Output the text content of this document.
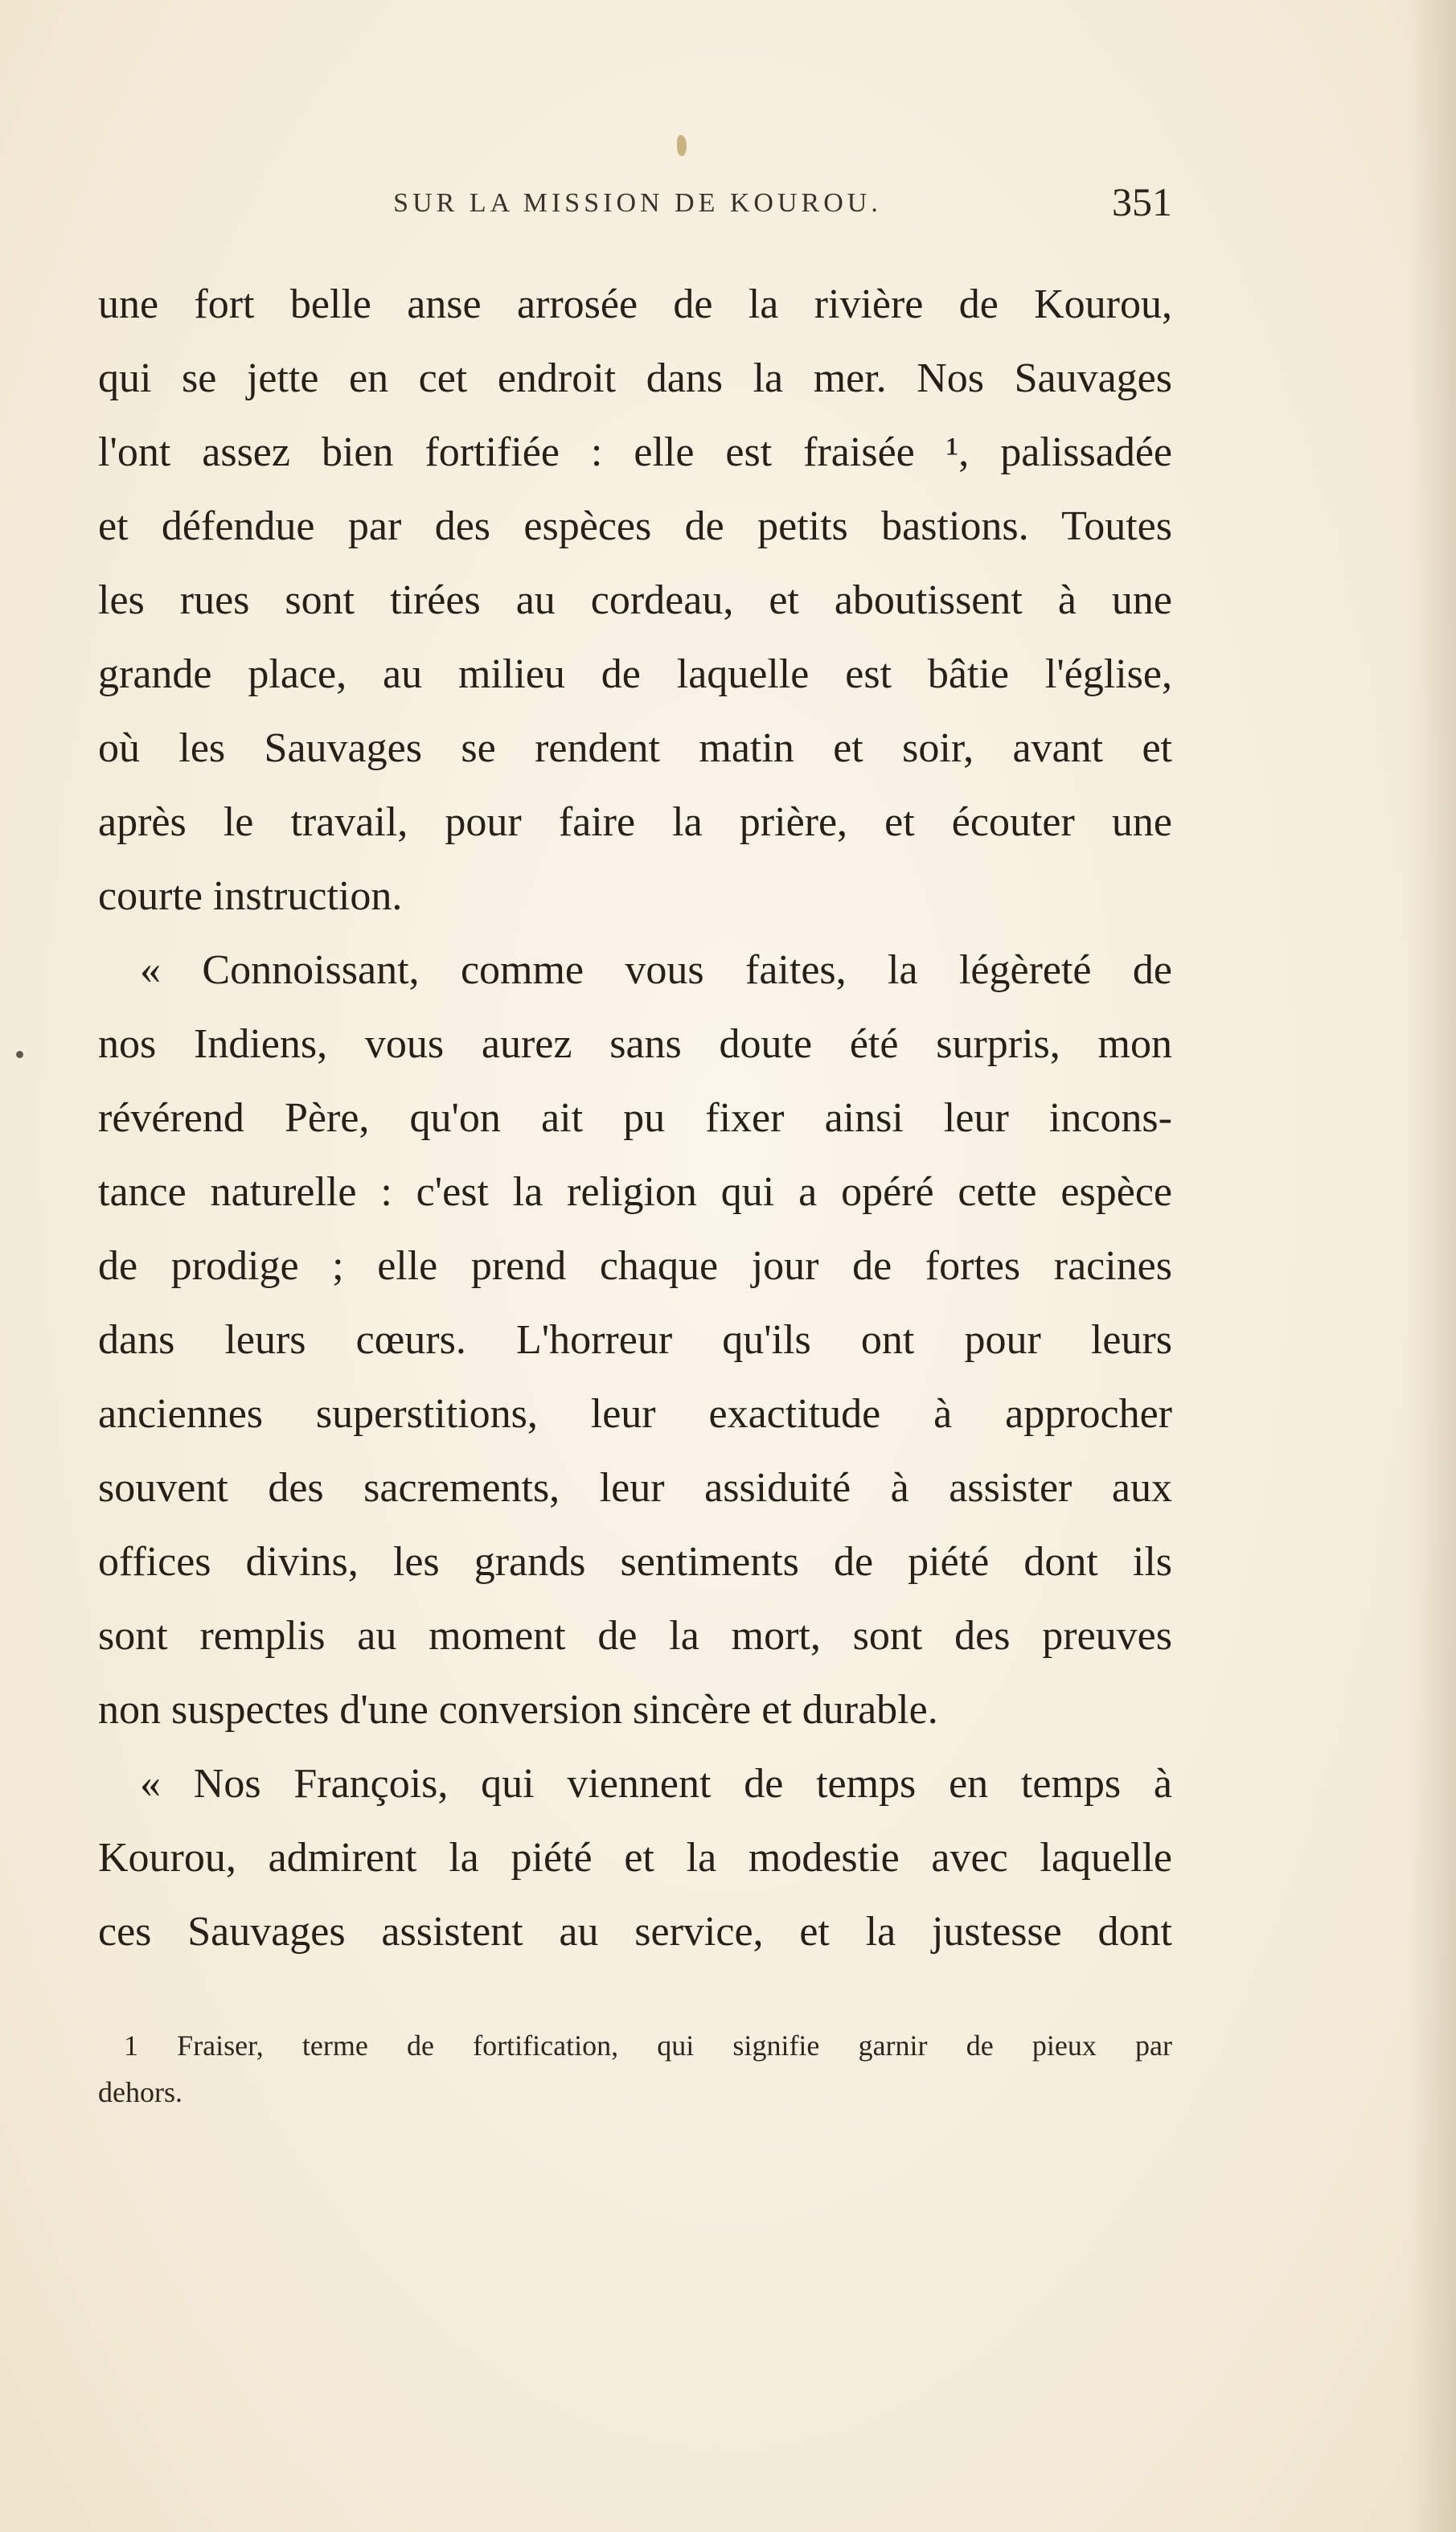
SUR LA MISSION DE KOUROU.	351
une fort belle anse arrosée de la rivière de Kourou,
qui se jette en cet endroit dans la mer. Nos Sauvages
l'ont assez bien fortifiée : elle est fraisée ¹, palissadée
et défendue par des espèces de petits bastions. Toutes
les rues sont tirées au cordeau, et aboutissent à une
grande place, au milieu de laquelle est bâtie l'église,
où les Sauvages se rendent matin et soir, avant et
après le travail, pour faire la prière, et écouter une
courte instruction.
« Connoissant, comme vous faites, la légèreté de
nos Indiens, vous aurez sans doute été surpris, mon
révérend Père, qu'on ait pu fixer ainsi leur incons-
tance naturelle : c'est la religion qui a opéré cette espèce
de prodige ; elle prend chaque jour de fortes racines
dans leurs cœurs. L'horreur qu'ils ont pour leurs
anciennes superstitions, leur exactitude à approcher
souvent des sacrements, leur assiduité à assister aux
offices divins, les grands sentiments de piété dont ils
sont remplis au moment de la mort, sont des preuves
non suspectes d'une conversion sincère et durable.
« Nos François, qui viennent de temps en temps à
Kourou, admirent la piété et la modestie avec laquelle
ces Sauvages assistent au service, et la justesse dont
1 Fraiser, terme de fortification, qui signifie garnir de pieux par
dehors.
